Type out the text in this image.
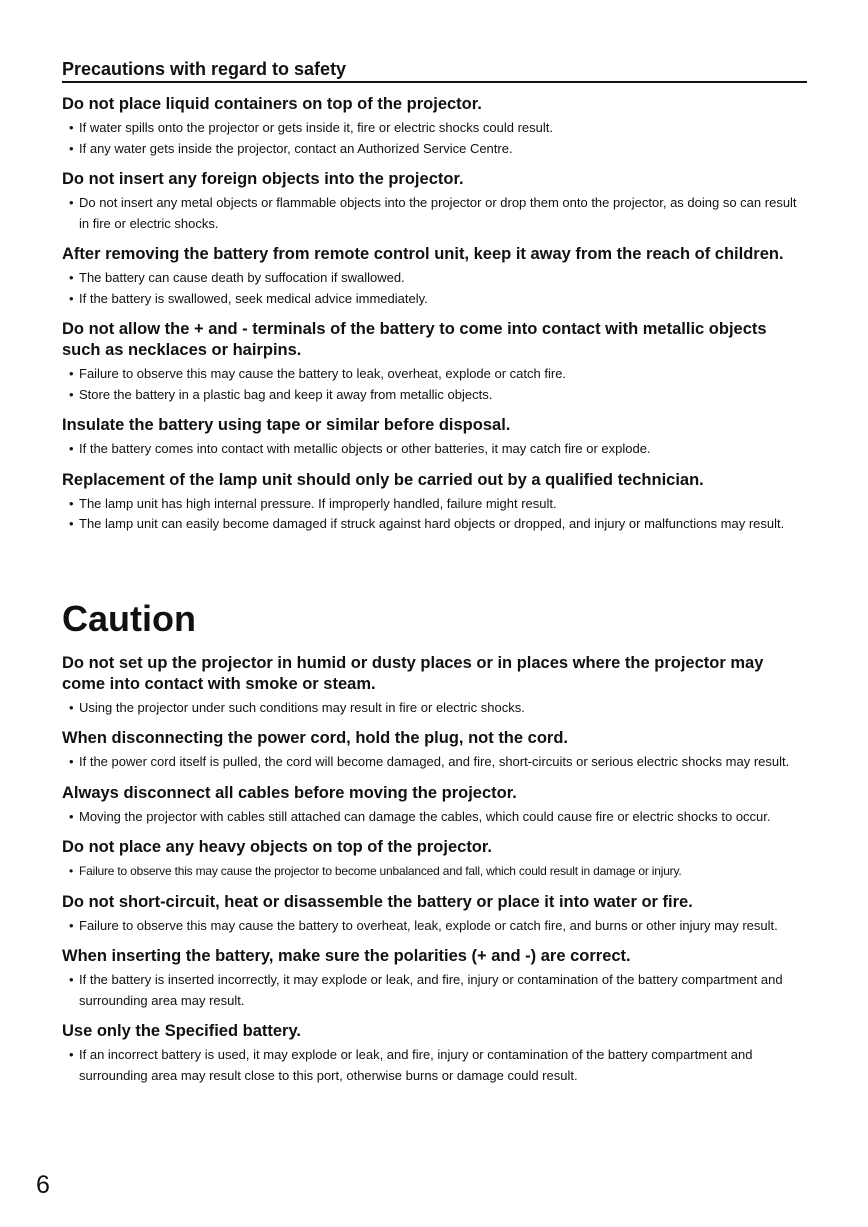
Precautions with regard to safety
Do not place liquid containers on top of the projector.
• If water spills onto the projector or gets inside it, fire or electric shocks could result.
• If any water gets inside the projector, contact an Authorized Service Centre.
Do not insert any foreign objects into the projector.
• Do not insert any metal objects or flammable objects into the projector or drop them onto the projector, as doing so can result in fire or electric shocks.
After removing the battery from remote control unit, keep it away from the reach of children.
• The battery can cause death by suffocation if swallowed.
• If the battery is swallowed, seek medical advice immediately.
Do not allow the + and - terminals of the battery to come into contact with metallic objects such as necklaces or hairpins.
• Failure to observe this may cause the battery to leak, overheat, explode or catch fire.
• Store the battery in a plastic bag and keep it away from metallic objects.
Insulate the battery using tape or similar before disposal.
• If the battery comes into contact with metallic objects or other batteries, it may catch fire or explode.
Replacement of the lamp unit should only be carried out by a qualified technician.
• The lamp unit has high internal pressure. If improperly handled, failure might result.
• The lamp unit can easily become damaged if struck against hard objects or dropped, and injury or malfunctions may result.
Caution
Do not set up the projector in humid or dusty places or in places where the projector may come into contact with smoke or steam.
• Using the projector under such conditions may result in fire or electric shocks.
When disconnecting the power cord, hold the plug, not the cord.
• If the power cord itself is pulled, the cord will become damaged, and fire, short-circuits or serious electric shocks may result.
Always disconnect all cables before moving the projector.
• Moving the projector with cables still attached can damage the cables, which could cause fire or electric shocks to occur.
Do not place any heavy objects on top of the projector.
• Failure to observe this may cause the projector to become unbalanced and fall, which could result in damage or injury.
Do not short-circuit, heat or disassemble the battery or place it into water or fire.
• Failure to observe this may cause the battery to overheat, leak, explode or catch fire, and burns or other injury may result.
When inserting the battery, make sure the polarities (+ and -) are correct.
• If the battery is inserted incorrectly, it may explode or leak, and fire, injury or contamination of the battery compartment and surrounding area may result.
Use only the Specified battery.
• If an incorrect battery is used, it may explode or leak, and fire, injury or contamination of the battery compartment and surrounding area may result close to this port, otherwise burns or damage could result.
6
